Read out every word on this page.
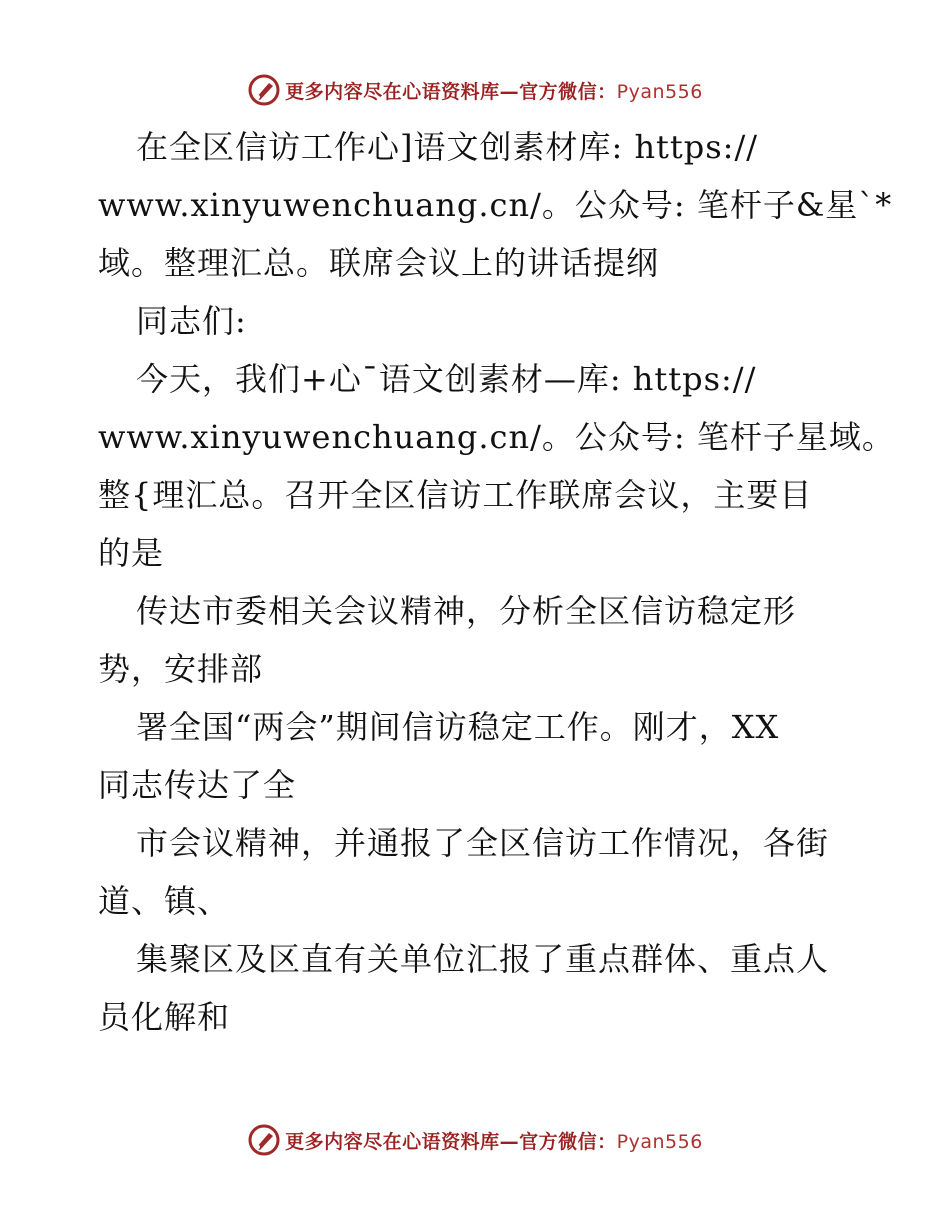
更多内容尽在心语资料库—官方微信：Pyan556
在全区信访工作心]语文创素材库: https://
www.xinyuwenchuang.cn/。公众号: 笔杆子&星`*
域。整理汇总。联席会议上的讲话提纲
同志们:
今天，我们+心¯语文创素材—库: https://
www.xinyuwenchuang.cn/。公众号: 笔杆子星域。
整{理汇总。召开全区信访工作联席会议，主要目
的是
传达市委相关会议精神，分析全区信访稳定形
势，安排部
署全国“两会”期间信访稳定工作。刚才，XX
同志传达了全
市会议精神，并通报了全区信访工作情况，各街
道、镇、
集聚区及区直有关单位汇报了重点群体、重点人
员化解和
更多内容尽在心语资料库—官方微信：Pyan556
